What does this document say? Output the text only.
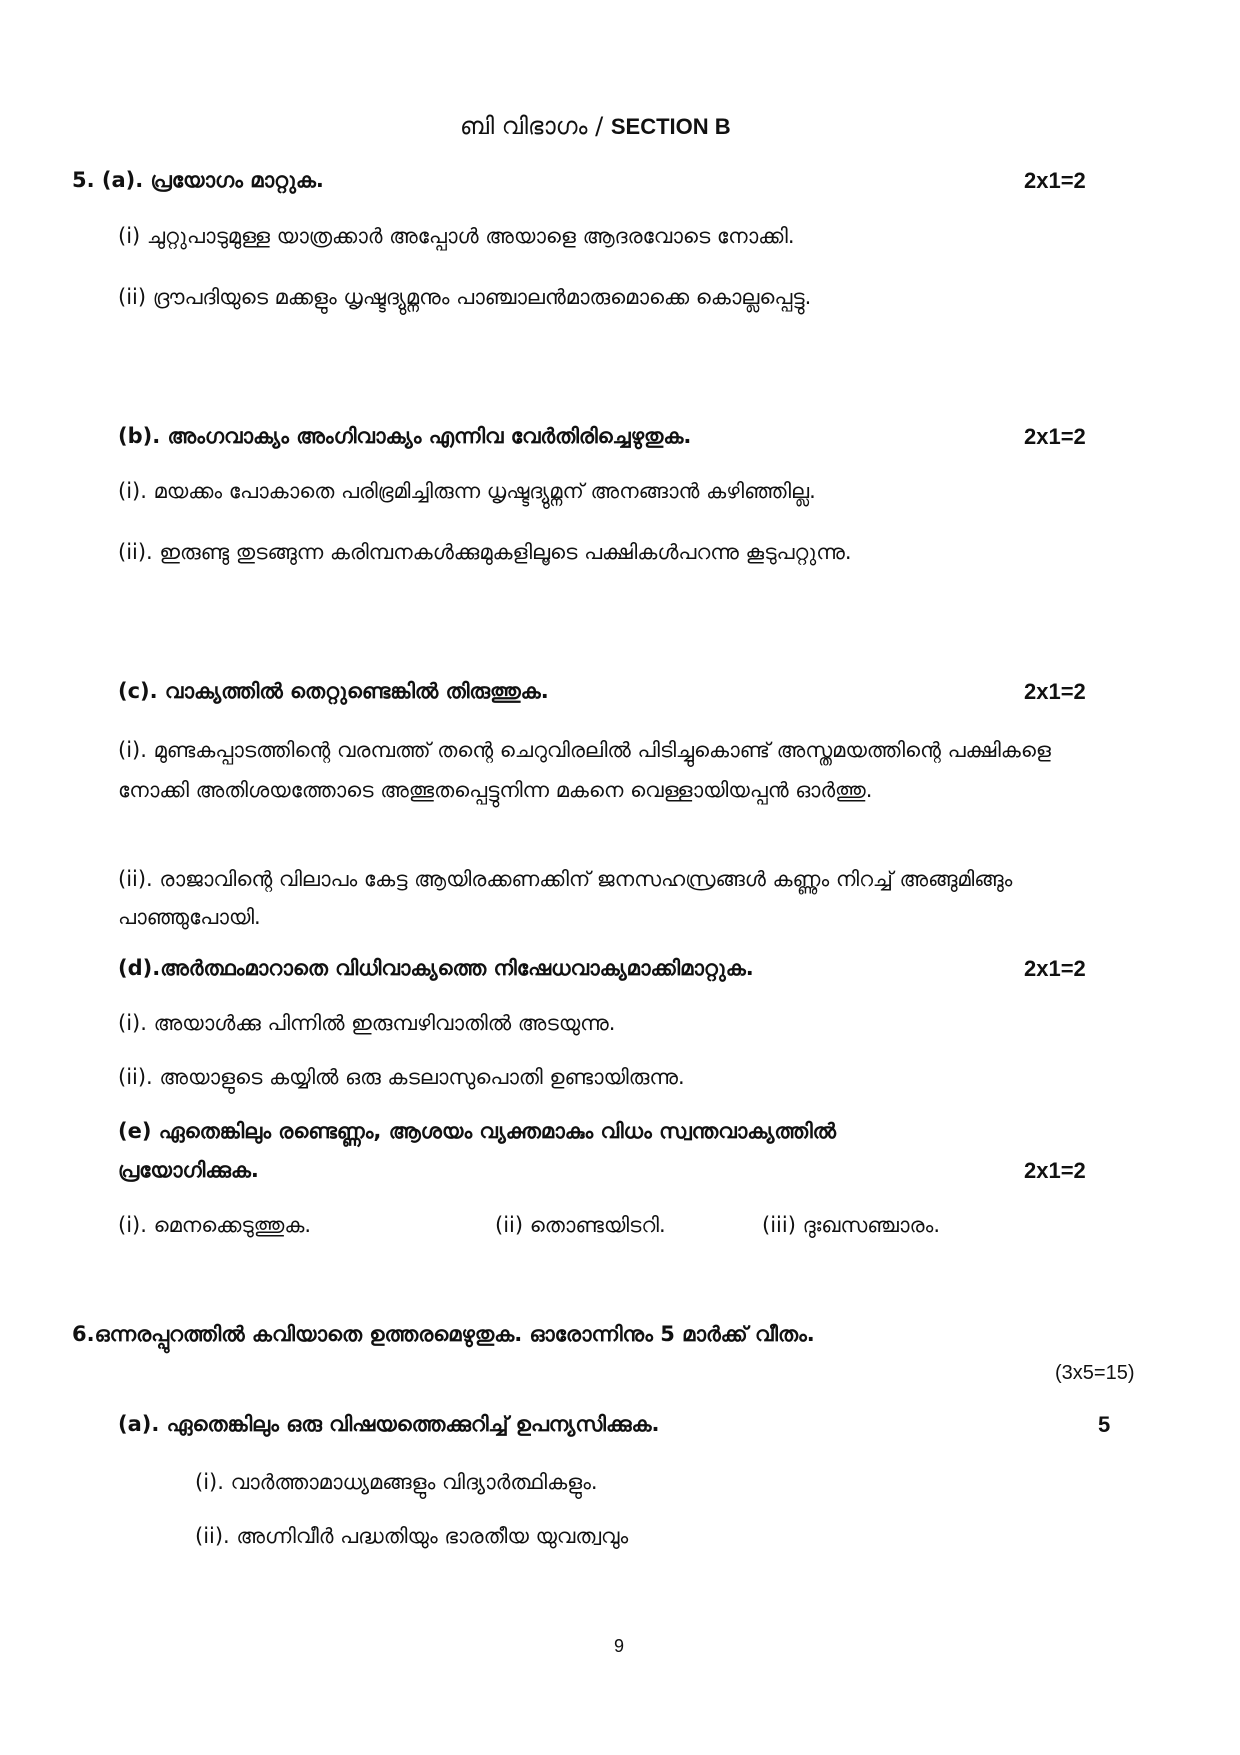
ബി വിഭാഗം / SECTION B
5. (a). പ്രയോഗം മാറ്റുക.	2x1=2
(i) ചുറ്റുപാടുമുള്ള യാത്രക്കാർ അപ്പോൾ അയാളെ ആദരവോടെ നോക്കി.
(ii) ദ്രൗപദിയുടെ മക്കളും ധൃഷ്ടദ്യുമ്നനും പാഞ്ചാലൻമാരുമൊക്കെ കൊല്ലപ്പെട്ടു.
(b). അംഗവാക്യം അംഗിവാക്യം എന്നിവ വേർതിരിച്ചെഴുതുക.	2x1=2
(i). മയക്കം പോകാതെ പരിഭ്രമിച്ചിരുന്ന ധൃഷ്ടദ്യുമ്നന് അനങ്ങാൻ കഴിഞ്ഞില്ല.
(ii). ഇരുണ്ടു തുടങ്ങുന്ന കരിമ്പനകൾക്കുമുകളിലൂടെ പക്ഷികൾപറന്നു കൂടുപറ്റുന്നു.
(c). വാക്യത്തിൽ തെറ്റുണ്ടെങ്കിൽ തിരുത്തുക.	2x1=2
(i). മുണ്ടകപ്പാടത്തിന്റെ വരമ്പത്ത് തന്റെ ചെറുവിരലിൽ പിടിച്ചുകൊണ്ട് അസ്തമയത്തിന്റെ പക്ഷികളെ നോക്കി അതിശയത്തോടെ അത്ഭുതപ്പെട്ടുനിന്ന മകനെ വെള്ളായിയപ്പൻ ഓർത്തു.
(ii). രാജാവിന്റെ വിലാപം കേട്ട ആയിരക്കണക്കിന് ജനസഹസ്രങ്ങൾ കണ്ണും നിറച്ച് അങ്ങുമിങ്ങും പാഞ്ഞുപോയി.
(d).അർത്ഥംമാറാതെ വിധിവാക്യത്തെ നിഷേധവാക്യമാക്കിമാറ്റുക.	2x1=2
(i). അയാൾക്കു പിന്നിൽ ഇരുമ്പഴിവാതിൽ അടയുന്നു.
(ii). അയാളുടെ കയ്യിൽ ഒരു കടലാസുപൊതി ഉണ്ടായിരുന്നു.
(e) ഏതെങ്കിലും രണ്ടെണ്ണം, ആശയം വ്യക്തമാകും വിധം സ്വന്തവാക്യത്തിൽ
പ്രയോഗിക്കുക.	2x1=2
(i). മെനക്കെടുത്തുക.	(ii) തൊണ്ടയിടറി.	(iii) ദുഃഖസഞ്ചാരം.
6.ഒന്നരപ്പുറത്തിൽ കവിയാതെ ഉത്തരമെഴുതുക. ഓരോന്നിനും 5 മാർക്ക് വീതം.
(3x5=15)
(a). ഏതെങ്കിലും ഒരു വിഷയത്തെക്കുറിച്ച് ഉപന്യസിക്കുക.	5
(i). വാർത്താമാധ്യമങ്ങളും വിദ്യാർത്ഥികളും.
(ii). അഗ്നിവീർ പദ്ധതിയും ഭാരതീയ യുവത്വവും
9
